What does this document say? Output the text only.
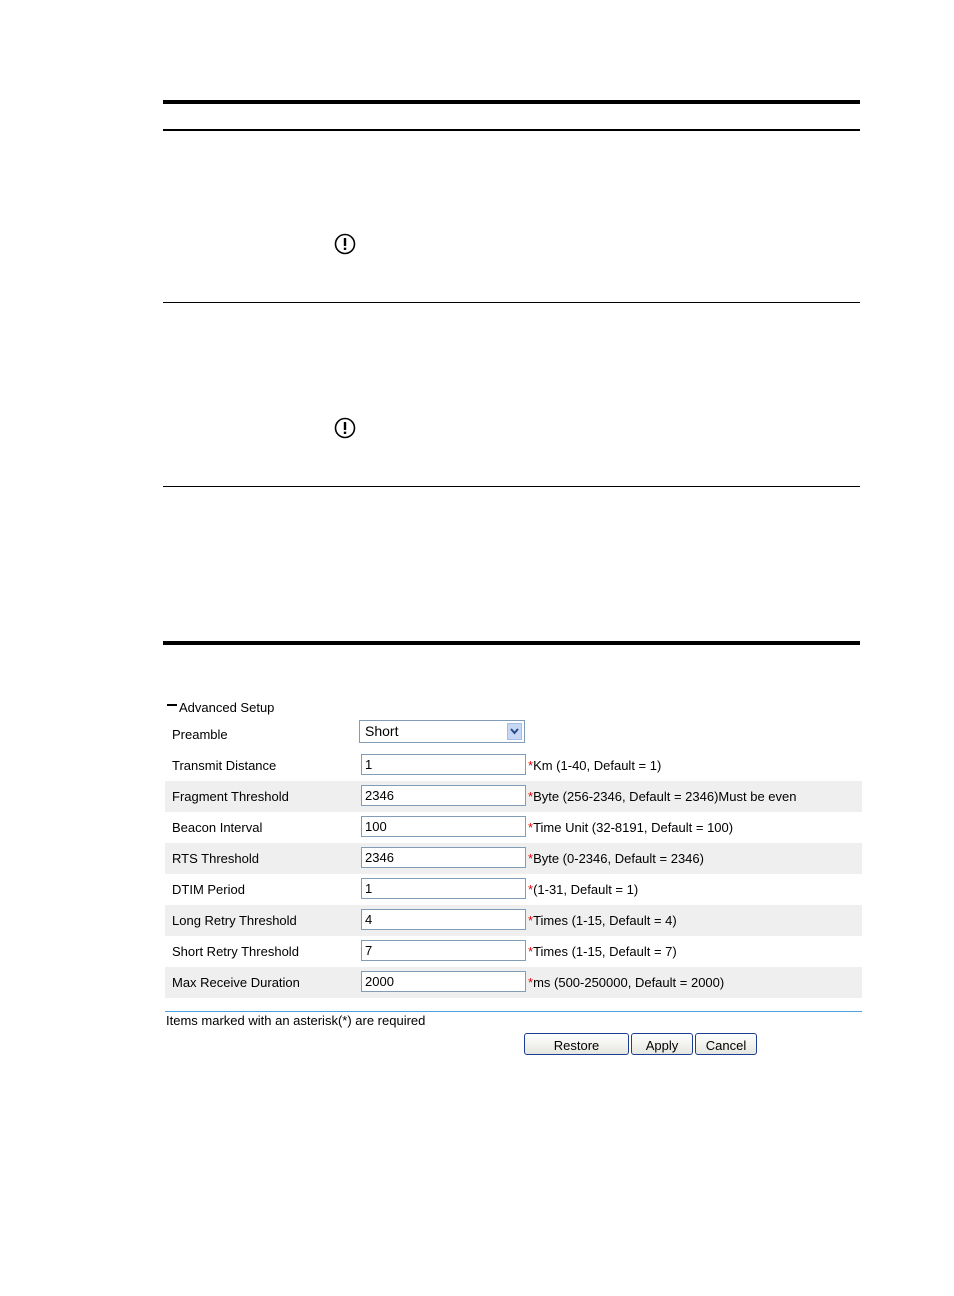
Advanced Setup
Preamble	Short
Transmit Distance	1	*Km (1-40, Default = 1)
Fragment Threshold	2346	*Byte (256-2346, Default = 2346)Must be even
Beacon Interval	100	*Time Unit (32-8191, Default = 100)
RTS Threshold	2346	*Byte (0-2346, Default = 2346)
DTIM Period	1	*(1-31, Default = 1)
Long Retry Threshold	4	*Times (1-15, Default = 4)
Short Retry Threshold	7	*Times (1-15, Default = 7)
Max Receive Duration	2000	*ms (500-250000, Default = 2000)
Items marked with an asterisk(*) are required
Restore	Apply	Cancel
